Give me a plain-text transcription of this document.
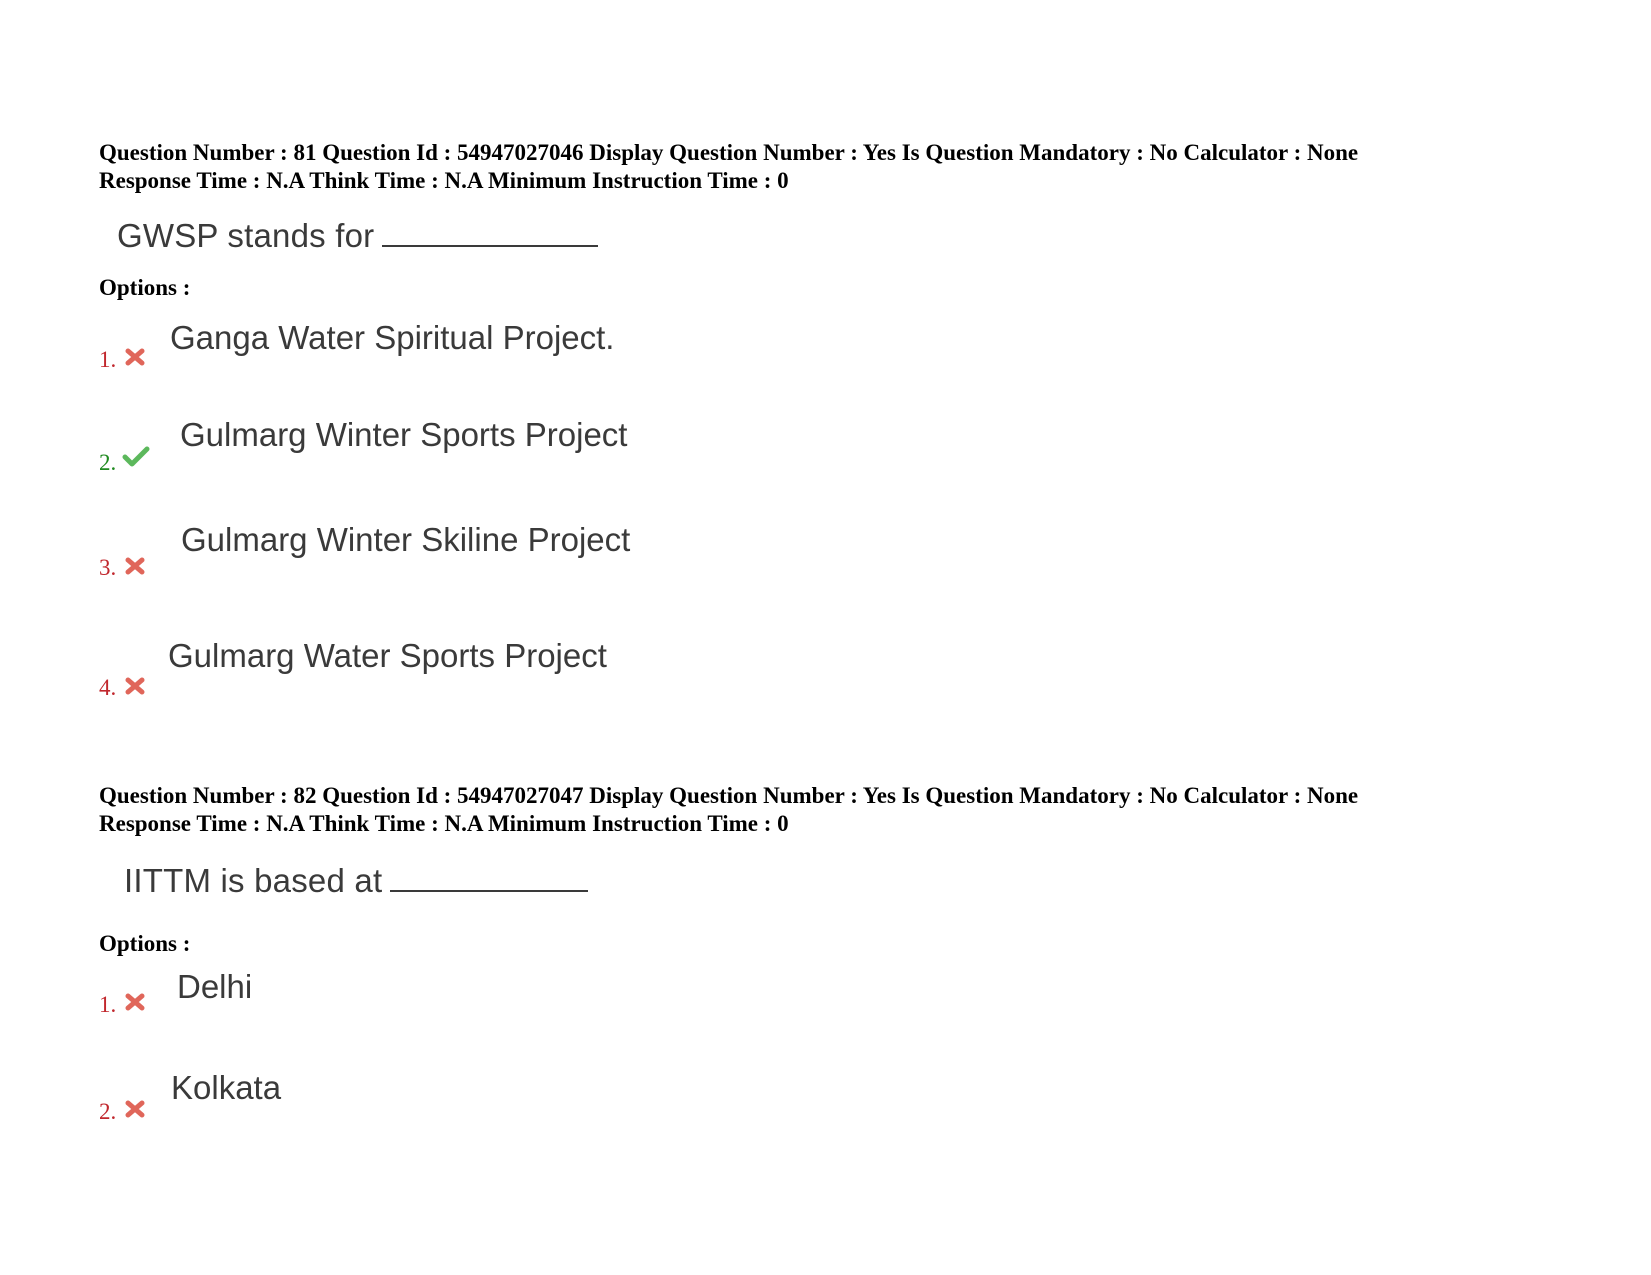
Question Number : 81 Question Id : 54947027046 Display Question Number : Yes Is Question Mandatory : No Calculator : None
Response Time : N.A Think Time : N.A Minimum Instruction Time : 0
GWSP stands for
Options :
1.
Ganga Water Spiritual Project.
2.
Gulmarg Winter Sports Project
3.
Gulmarg Winter Skiline Project
4.
Gulmarg Water Sports Project
Question Number : 82 Question Id : 54947027047 Display Question Number : Yes Is Question Mandatory : No Calculator : None
Response Time : N.A Think Time : N.A Minimum Instruction Time : 0
IITTM is based at
Options :
1. Delhi
2.
Kolkata
